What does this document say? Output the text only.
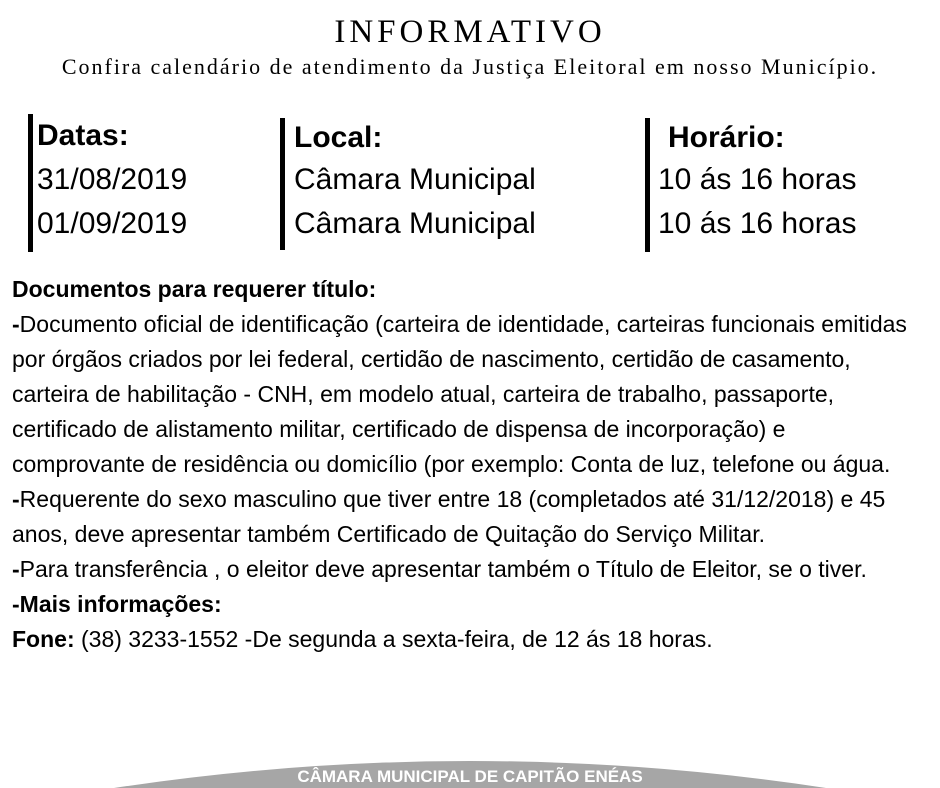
INFORMATIVO
Confira calendário de atendimento da Justiça Eleitoral em nosso Município.
Datas:
31/08/2019
01/09/2019
Local:
Câmara Municipal
Câmara Municipal
Horário:
10 ás 16 horas
10 ás 16 horas

Documentos para requerer título:

-Documento oficial de identificação (carteira de identidade, carteiras funcionais emitidas por órgãos criados por lei federal, certidão de nascimento, certidão de casamento, carteira de habilitação - CNH, em modelo atual, carteira de trabalho, passaporte, certificado de alistamento militar, certificado de dispensa de incorporação) e comprovante de residência ou domicílio (por exemplo: Conta de luz, telefone ou água.

-Requerente do sexo masculino que tiver entre 18 (completados até 31/12/2018) e 45 anos, deve apresentar também Certificado de Quitação do Serviço Militar.

-Para transferência , o eleitor deve apresentar também o Título de Eleitor, se o tiver.

-Mais informações:

Fone: (38) 3233-1552 -De segunda a sexta-feira, de 12 ás 18 horas.

CÂMARA MUNICIPAL DE CAPITÃO ENÉAS
